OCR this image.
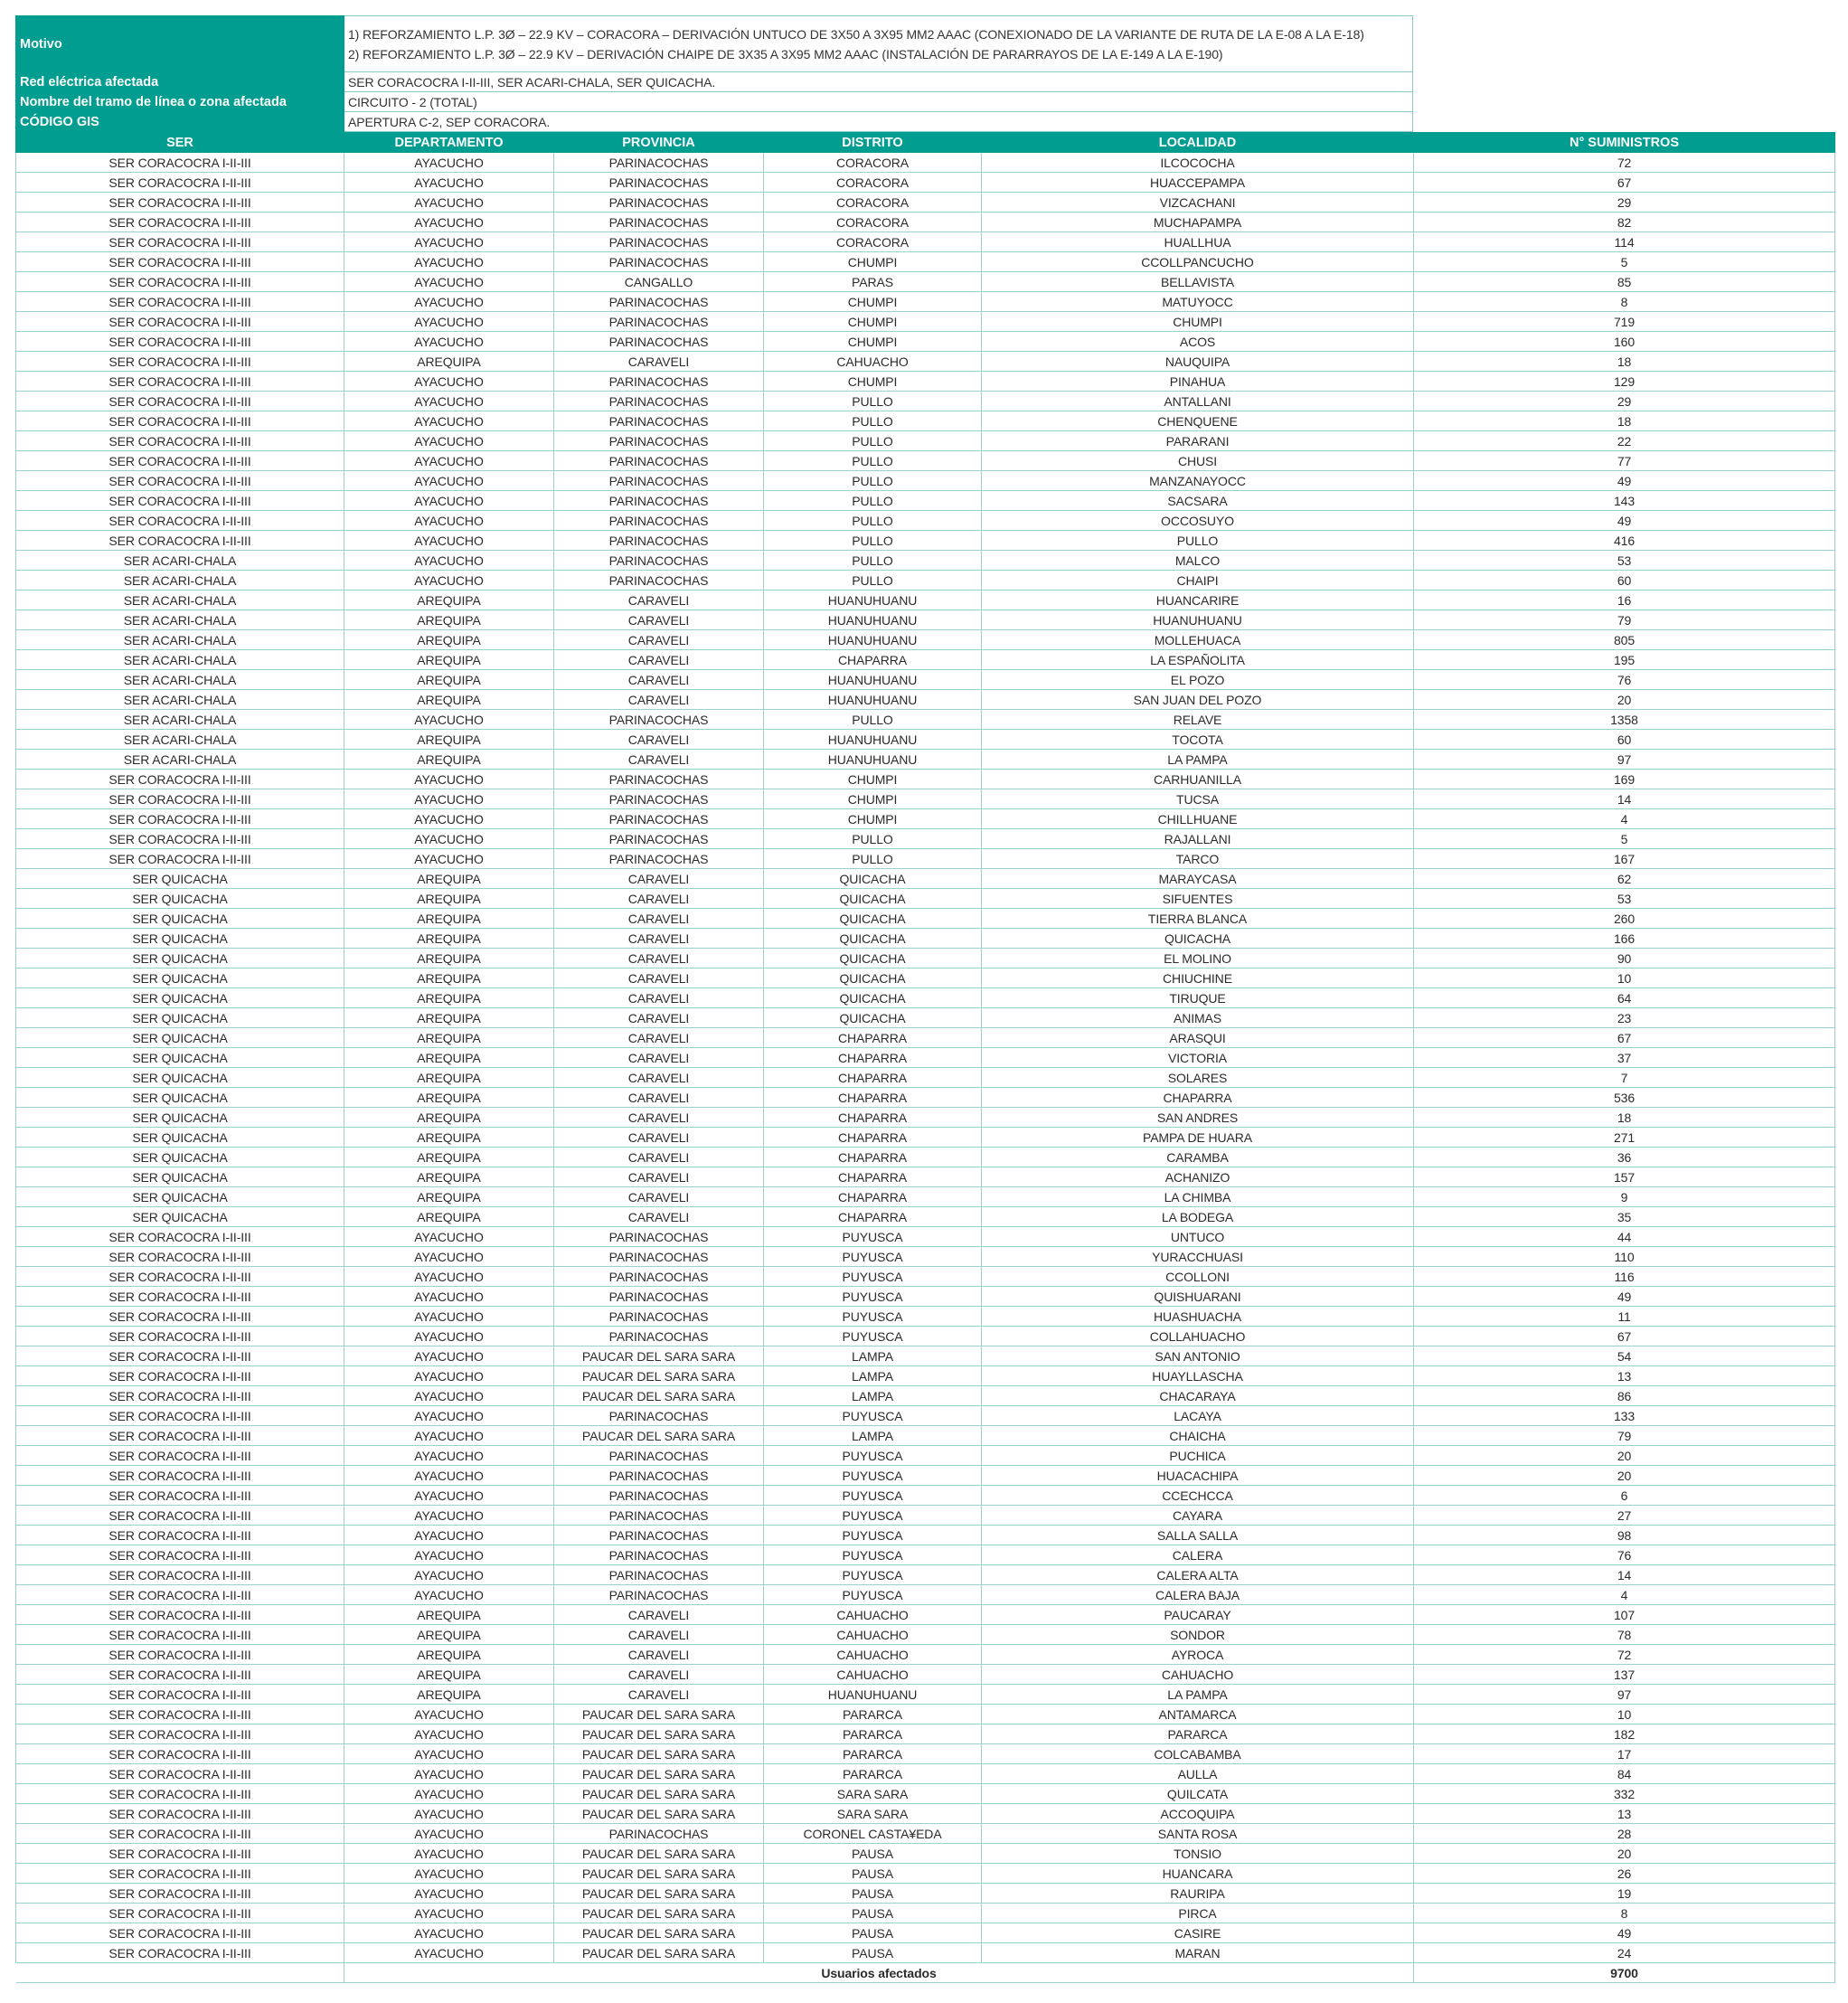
Motivo	1) REFORZAMIENTO L.P. 3Ø – 22.9 KV – CORACORA – DERIVACIÓN UNTUCO DE 3X50 A 3X95 MM2 AAAC (CONEXIONADO DE LA VARIANTE DE RUTA DE LA E-08 A LA E-18)
2) REFORZAMIENTO L.P. 3Ø – 22.9 KV – DERIVACIÓN CHAIPE DE 3X35 A 3X95 MM2 AAAC (INSTALACIÓN DE PARARRAYOS DE LA E-149 A LA E-190)

Red eléctrica afectada	SER CORACOCRA I-II-III, SER ACARI-CHALA, SER QUICACHA.
Nombre del tramo de línea o zona afectada	CIRCUITO - 2 (TOTAL)
CÓDIGO GIS	APERTURA C-2, SEP CORACORA.
SER	DEPARTAMENTO	PROVINCIA	DISTRITO	LOCALIDAD	N° SUMINISTROS
SER CORACOCRA I-II-III	AYACUCHO	PARINACOCHAS	CORACORA	ILCOCOCHA	72
SER CORACOCRA I-II-III	AYACUCHO	PARINACOCHAS	CORACORA	HUACCEPAMPA	67
SER CORACOCRA I-II-III	AYACUCHO	PARINACOCHAS	CORACORA	VIZCACHANI	29
SER CORACOCRA I-II-III	AYACUCHO	PARINACOCHAS	CORACORA	MUCHAPAMPA	82
SER CORACOCRA I-II-III	AYACUCHO	PARINACOCHAS	CORACORA	HUALLHUA	114
SER CORACOCRA I-II-III	AYACUCHO	PARINACOCHAS	CHUMPI	CCOLLPANCUCHO	5
SER CORACOCRA I-II-III	AYACUCHO	CANGALLO	PARAS	BELLAVISTA	85
SER CORACOCRA I-II-III	AYACUCHO	PARINACOCHAS	CHUMPI	MATUYOCC	8
SER CORACOCRA I-II-III	AYACUCHO	PARINACOCHAS	CHUMPI	CHUMPI	719
SER CORACOCRA I-II-III	AYACUCHO	PARINACOCHAS	CHUMPI	ACOS	160
SER CORACOCRA I-II-III	AREQUIPA	CARAVELI	CAHUACHO	NAUQUIPA	18
SER CORACOCRA I-II-III	AYACUCHO	PARINACOCHAS	CHUMPI	PINAHUA	129
SER CORACOCRA I-II-III	AYACUCHO	PARINACOCHAS	PULLO	ANTALLANI	29
SER CORACOCRA I-II-III	AYACUCHO	PARINACOCHAS	PULLO	CHENQUENE	18
SER CORACOCRA I-II-III	AYACUCHO	PARINACOCHAS	PULLO	PARARANI	22
SER CORACOCRA I-II-III	AYACUCHO	PARINACOCHAS	PULLO	CHUSI	77
SER CORACOCRA I-II-III	AYACUCHO	PARINACOCHAS	PULLO	MANZANAYOCC	49
SER CORACOCRA I-II-III	AYACUCHO	PARINACOCHAS	PULLO	SACSARA	143
SER CORACOCRA I-II-III	AYACUCHO	PARINACOCHAS	PULLO	OCCOSUYO	49
SER CORACOCRA I-II-III	AYACUCHO	PARINACOCHAS	PULLO	PULLO	416
SER ACARI-CHALA	AYACUCHO	PARINACOCHAS	PULLO	MALCO	53
SER ACARI-CHALA	AYACUCHO	PARINACOCHAS	PULLO	CHAIPI	60
SER ACARI-CHALA	AREQUIPA	CARAVELI	HUANUHUANU	HUANCARIRE	16
SER ACARI-CHALA	AREQUIPA	CARAVELI	HUANUHUANU	HUANUHUANU	79
SER ACARI-CHALA	AREQUIPA	CARAVELI	HUANUHUANU	MOLLEHUACA	805
SER ACARI-CHALA	AREQUIPA	CARAVELI	CHAPARRA	LA ESPAÑOLITA	195
SER ACARI-CHALA	AREQUIPA	CARAVELI	HUANUHUANU	EL POZO	76
SER ACARI-CHALA	AREQUIPA	CARAVELI	HUANUHUANU	SAN JUAN DEL POZO	20
SER ACARI-CHALA	AYACUCHO	PARINACOCHAS	PULLO	RELAVE	1358
SER ACARI-CHALA	AREQUIPA	CARAVELI	HUANUHUANU	TOCOTA	60
SER ACARI-CHALA	AREQUIPA	CARAVELI	HUANUHUANU	LA PAMPA	97
SER CORACOCRA I-II-III	AYACUCHO	PARINACOCHAS	CHUMPI	CARHUANILLA	169
SER CORACOCRA I-II-III	AYACUCHO	PARINACOCHAS	CHUMPI	TUCSA	14
SER CORACOCRA I-II-III	AYACUCHO	PARINACOCHAS	CHUMPI	CHILLHUANE	4
SER CORACOCRA I-II-III	AYACUCHO	PARINACOCHAS	PULLO	RAJALLANI	5
SER CORACOCRA I-II-III	AYACUCHO	PARINACOCHAS	PULLO	TARCO	167
SER QUICACHA	AREQUIPA	CARAVELI	QUICACHA	MARAYCASA	62
SER QUICACHA	AREQUIPA	CARAVELI	QUICACHA	SIFUENTES	53
SER QUICACHA	AREQUIPA	CARAVELI	QUICACHA	TIERRA BLANCA	260
SER QUICACHA	AREQUIPA	CARAVELI	QUICACHA	QUICACHA	166
SER QUICACHA	AREQUIPA	CARAVELI	QUICACHA	EL MOLINO	90
SER QUICACHA	AREQUIPA	CARAVELI	QUICACHA	CHIUCHINE	10
SER QUICACHA	AREQUIPA	CARAVELI	QUICACHA	TIRUQUE	64
SER QUICACHA	AREQUIPA	CARAVELI	QUICACHA	ANIMAS	23
SER QUICACHA	AREQUIPA	CARAVELI	CHAPARRA	ARASQUI	67
SER QUICACHA	AREQUIPA	CARAVELI	CHAPARRA	VICTORIA	37
SER QUICACHA	AREQUIPA	CARAVELI	CHAPARRA	SOLARES	7
SER QUICACHA	AREQUIPA	CARAVELI	CHAPARRA	CHAPARRA	536
SER QUICACHA	AREQUIPA	CARAVELI	CHAPARRA	SAN ANDRES	18
SER QUICACHA	AREQUIPA	CARAVELI	CHAPARRA	PAMPA DE HUARA	271
SER QUICACHA	AREQUIPA	CARAVELI	CHAPARRA	CARAMBA	36
SER QUICACHA	AREQUIPA	CARAVELI	CHAPARRA	ACHANIZO	157
SER QUICACHA	AREQUIPA	CARAVELI	CHAPARRA	LA CHIMBA	9
SER QUICACHA	AREQUIPA	CARAVELI	CHAPARRA	LA BODEGA	35
SER CORACOCRA I-II-III	AYACUCHO	PARINACOCHAS	PUYUSCA	UNTUCO	44
SER CORACOCRA I-II-III	AYACUCHO	PARINACOCHAS	PUYUSCA	YURACCHUASI	110
SER CORACOCRA I-II-III	AYACUCHO	PARINACOCHAS	PUYUSCA	CCOLLONI	116
SER CORACOCRA I-II-III	AYACUCHO	PARINACOCHAS	PUYUSCA	QUISHUARANI	49
SER CORACOCRA I-II-III	AYACUCHO	PARINACOCHAS	PUYUSCA	HUASHUACHA	11
SER CORACOCRA I-II-III	AYACUCHO	PARINACOCHAS	PUYUSCA	COLLAHUACHO	67
SER CORACOCRA I-II-III	AYACUCHO	PAUCAR DEL SARA SARA	LAMPA	SAN ANTONIO	54
SER CORACOCRA I-II-III	AYACUCHO	PAUCAR DEL SARA SARA	LAMPA	HUAYLLASCHA	13
SER CORACOCRA I-II-III	AYACUCHO	PAUCAR DEL SARA SARA	LAMPA	CHACARAYA	86
SER CORACOCRA I-II-III	AYACUCHO	PARINACOCHAS	PUYUSCA	LACAYA	133
SER CORACOCRA I-II-III	AYACUCHO	PAUCAR DEL SARA SARA	LAMPA	CHAICHA	79
SER CORACOCRA I-II-III	AYACUCHO	PARINACOCHAS	PUYUSCA	PUCHICA	20
SER CORACOCRA I-II-III	AYACUCHO	PARINACOCHAS	PUYUSCA	HUACACHIPA	20
SER CORACOCRA I-II-III	AYACUCHO	PARINACOCHAS	PUYUSCA	CCECHCCA	6
SER CORACOCRA I-II-III	AYACUCHO	PARINACOCHAS	PUYUSCA	CAYARA	27
SER CORACOCRA I-II-III	AYACUCHO	PARINACOCHAS	PUYUSCA	SALLA SALLA	98
SER CORACOCRA I-II-III	AYACUCHO	PARINACOCHAS	PUYUSCA	CALERA	76
SER CORACOCRA I-II-III	AYACUCHO	PARINACOCHAS	PUYUSCA	CALERA ALTA	14
SER CORACOCRA I-II-III	AYACUCHO	PARINACOCHAS	PUYUSCA	CALERA BAJA	4
SER CORACOCRA I-II-III	AREQUIPA	CARAVELI	CAHUACHO	PAUCARAY	107
SER CORACOCRA I-II-III	AREQUIPA	CARAVELI	CAHUACHO	SONDOR	78
SER CORACOCRA I-II-III	AREQUIPA	CARAVELI	CAHUACHO	AYROCA	72
SER CORACOCRA I-II-III	AREQUIPA	CARAVELI	CAHUACHO	CAHUACHO	137
SER CORACOCRA I-II-III	AREQUIPA	CARAVELI	HUANUHUANU	LA PAMPA	97
SER CORACOCRA I-II-III	AYACUCHO	PAUCAR DEL SARA SARA	PARARCA	ANTAMARCA	10
SER CORACOCRA I-II-III	AYACUCHO	PAUCAR DEL SARA SARA	PARARCA	PARARCA	182
SER CORACOCRA I-II-III	AYACUCHO	PAUCAR DEL SARA SARA	PARARCA	COLCABAMBA	17
SER CORACOCRA I-II-III	AYACUCHO	PAUCAR DEL SARA SARA	PARARCA	AULLA	84
SER CORACOCRA I-II-III	AYACUCHO	PAUCAR DEL SARA SARA	SARA SARA	QUILCATA	332
SER CORACOCRA I-II-III	AYACUCHO	PAUCAR DEL SARA SARA	SARA SARA	ACCOQUIPA	13
SER CORACOCRA I-II-III	AYACUCHO	PARINACOCHAS	CORONEL CASTA¥EDA	SANTA ROSA	28
SER CORACOCRA I-II-III	AYACUCHO	PAUCAR DEL SARA SARA	PAUSA	TONSIO	20
SER CORACOCRA I-II-III	AYACUCHO	PAUCAR DEL SARA SARA	PAUSA	HUANCARA	26
SER CORACOCRA I-II-III	AYACUCHO	PAUCAR DEL SARA SARA	PAUSA	RAURIPA	19
SER CORACOCRA I-II-III	AYACUCHO	PAUCAR DEL SARA SARA	PAUSA	PIRCA	8
SER CORACOCRA I-II-III	AYACUCHO	PAUCAR DEL SARA SARA	PAUSA	CASIRE	49
SER CORACOCRA I-II-III	AYACUCHO	PAUCAR DEL SARA SARA	PAUSA	MARAN	24
	Usuarios afectados				9700
